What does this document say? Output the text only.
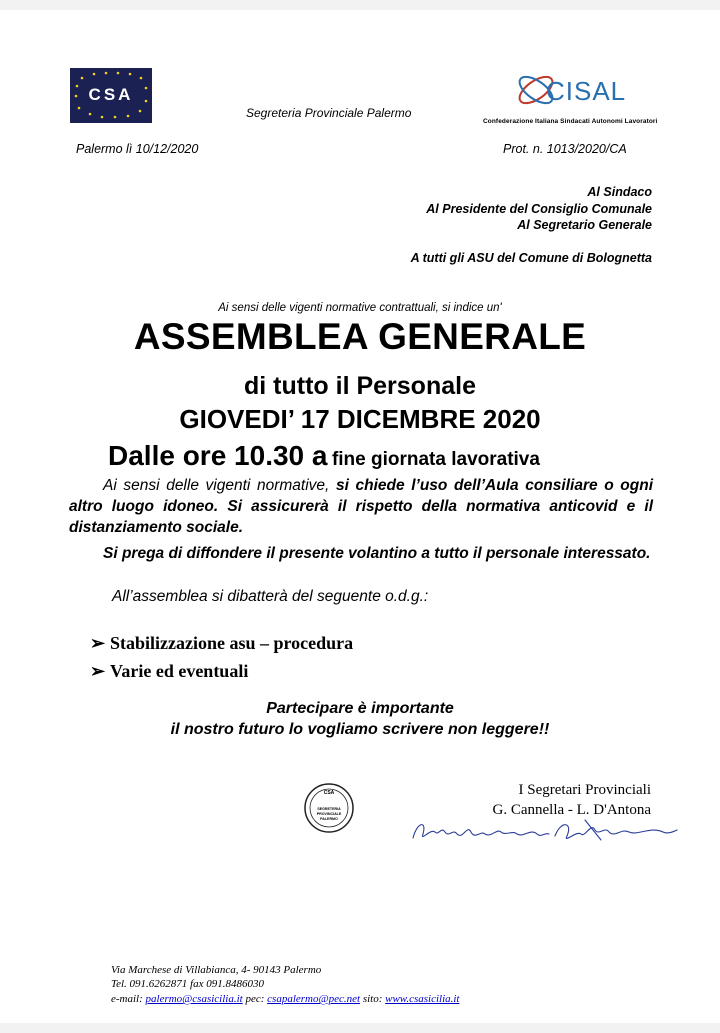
CSA
Segreteria Provinciale Palermo
CISAL
Confederazione Italiana Sindacati Autonomi Lavoratori
Palermo lì 10/12/2020	Prot. n. 1013/2020/CA
Al Sindaco
Al Presidente del Consiglio Comunale
Al Segretario Generale
A tutti gli ASU del Comune di Bolognetta
Ai sensi delle vigenti normative contrattuali, si indice un'
ASSEMBLEA GENERALE
di tutto il Personale
GIOVEDI’ 17 DICEMBRE 2020
Dalle ore 10.30 a fine giornata lavorativa
Ai sensi delle vigenti normative, si chiede l’uso dell’Aula consiliare o ogni altro luogo idoneo. Si assicurerà il rispetto della normativa anticovid e il distanziamento sociale.
Si prega di diffondere il presente volantino a tutto il personale interessato.
All’assemblea si dibatterà del seguente o.d.g.:
➢ Stabilizzazione asu – procedura
➢ Varie ed eventuali
Partecipare è importante
il nostro futuro lo vogliamo scrivere non leggere!!
CSA
SEGRETERIA
PROVINCIALE
PALERMO
I Segretari Provinciali
G. Cannella - L. D'Antona
Via Marchese di Villabianca, 4- 90143 Palermo
Tel. 091.6262871 fax 091.8486030
e-mail: palermo@csasicilia.it pec: csapalermo@pec.net sito: www.csasicilia.it
